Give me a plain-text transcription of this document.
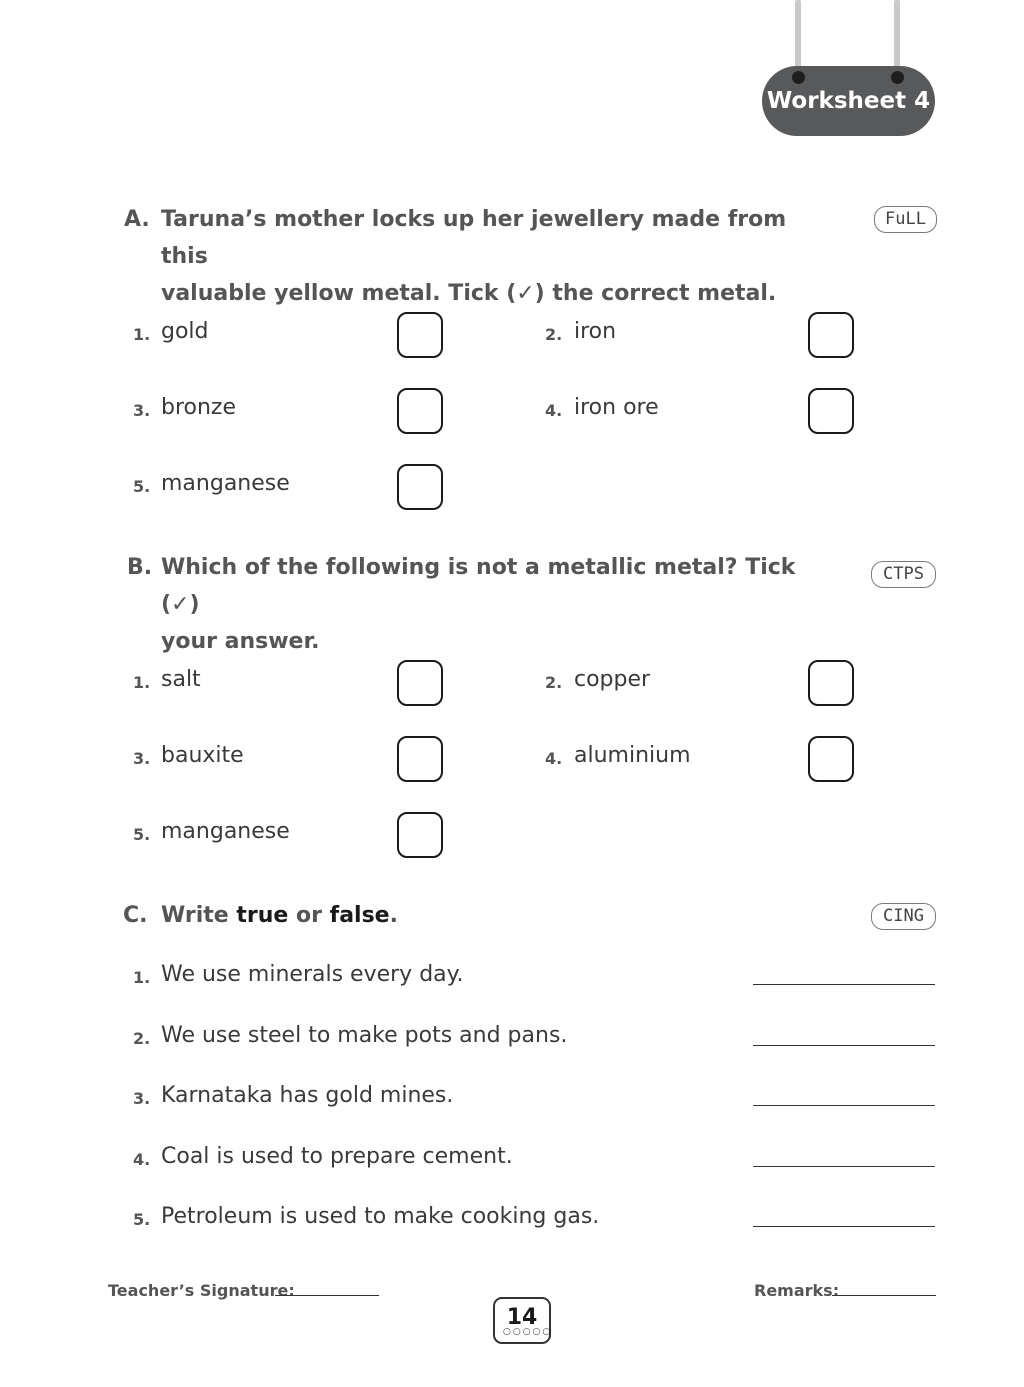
Worksheet 4
A. Taruna’s mother locks up her jewellery made from this
valuable yellow metal. Tick (✓) the correct metal.
FuLL
1. gold	2. iron
3. bronze	4. iron ore
5. manganese
B. Which of the following is not a metallic metal? Tick (✓)
your answer.
CTPS
1. salt	2. copper
3. bauxite	4. aluminium
5. manganese
C. Write true or false.	CING
1. We use minerals every day.
2. We use steel to make pots and pans.
3. Karnataka has gold mines.
4. Coal is used to prepare cement.
5. Petroleum is used to make cooking gas.
Teacher’s Signature:	Remarks:
14
○○○○○
